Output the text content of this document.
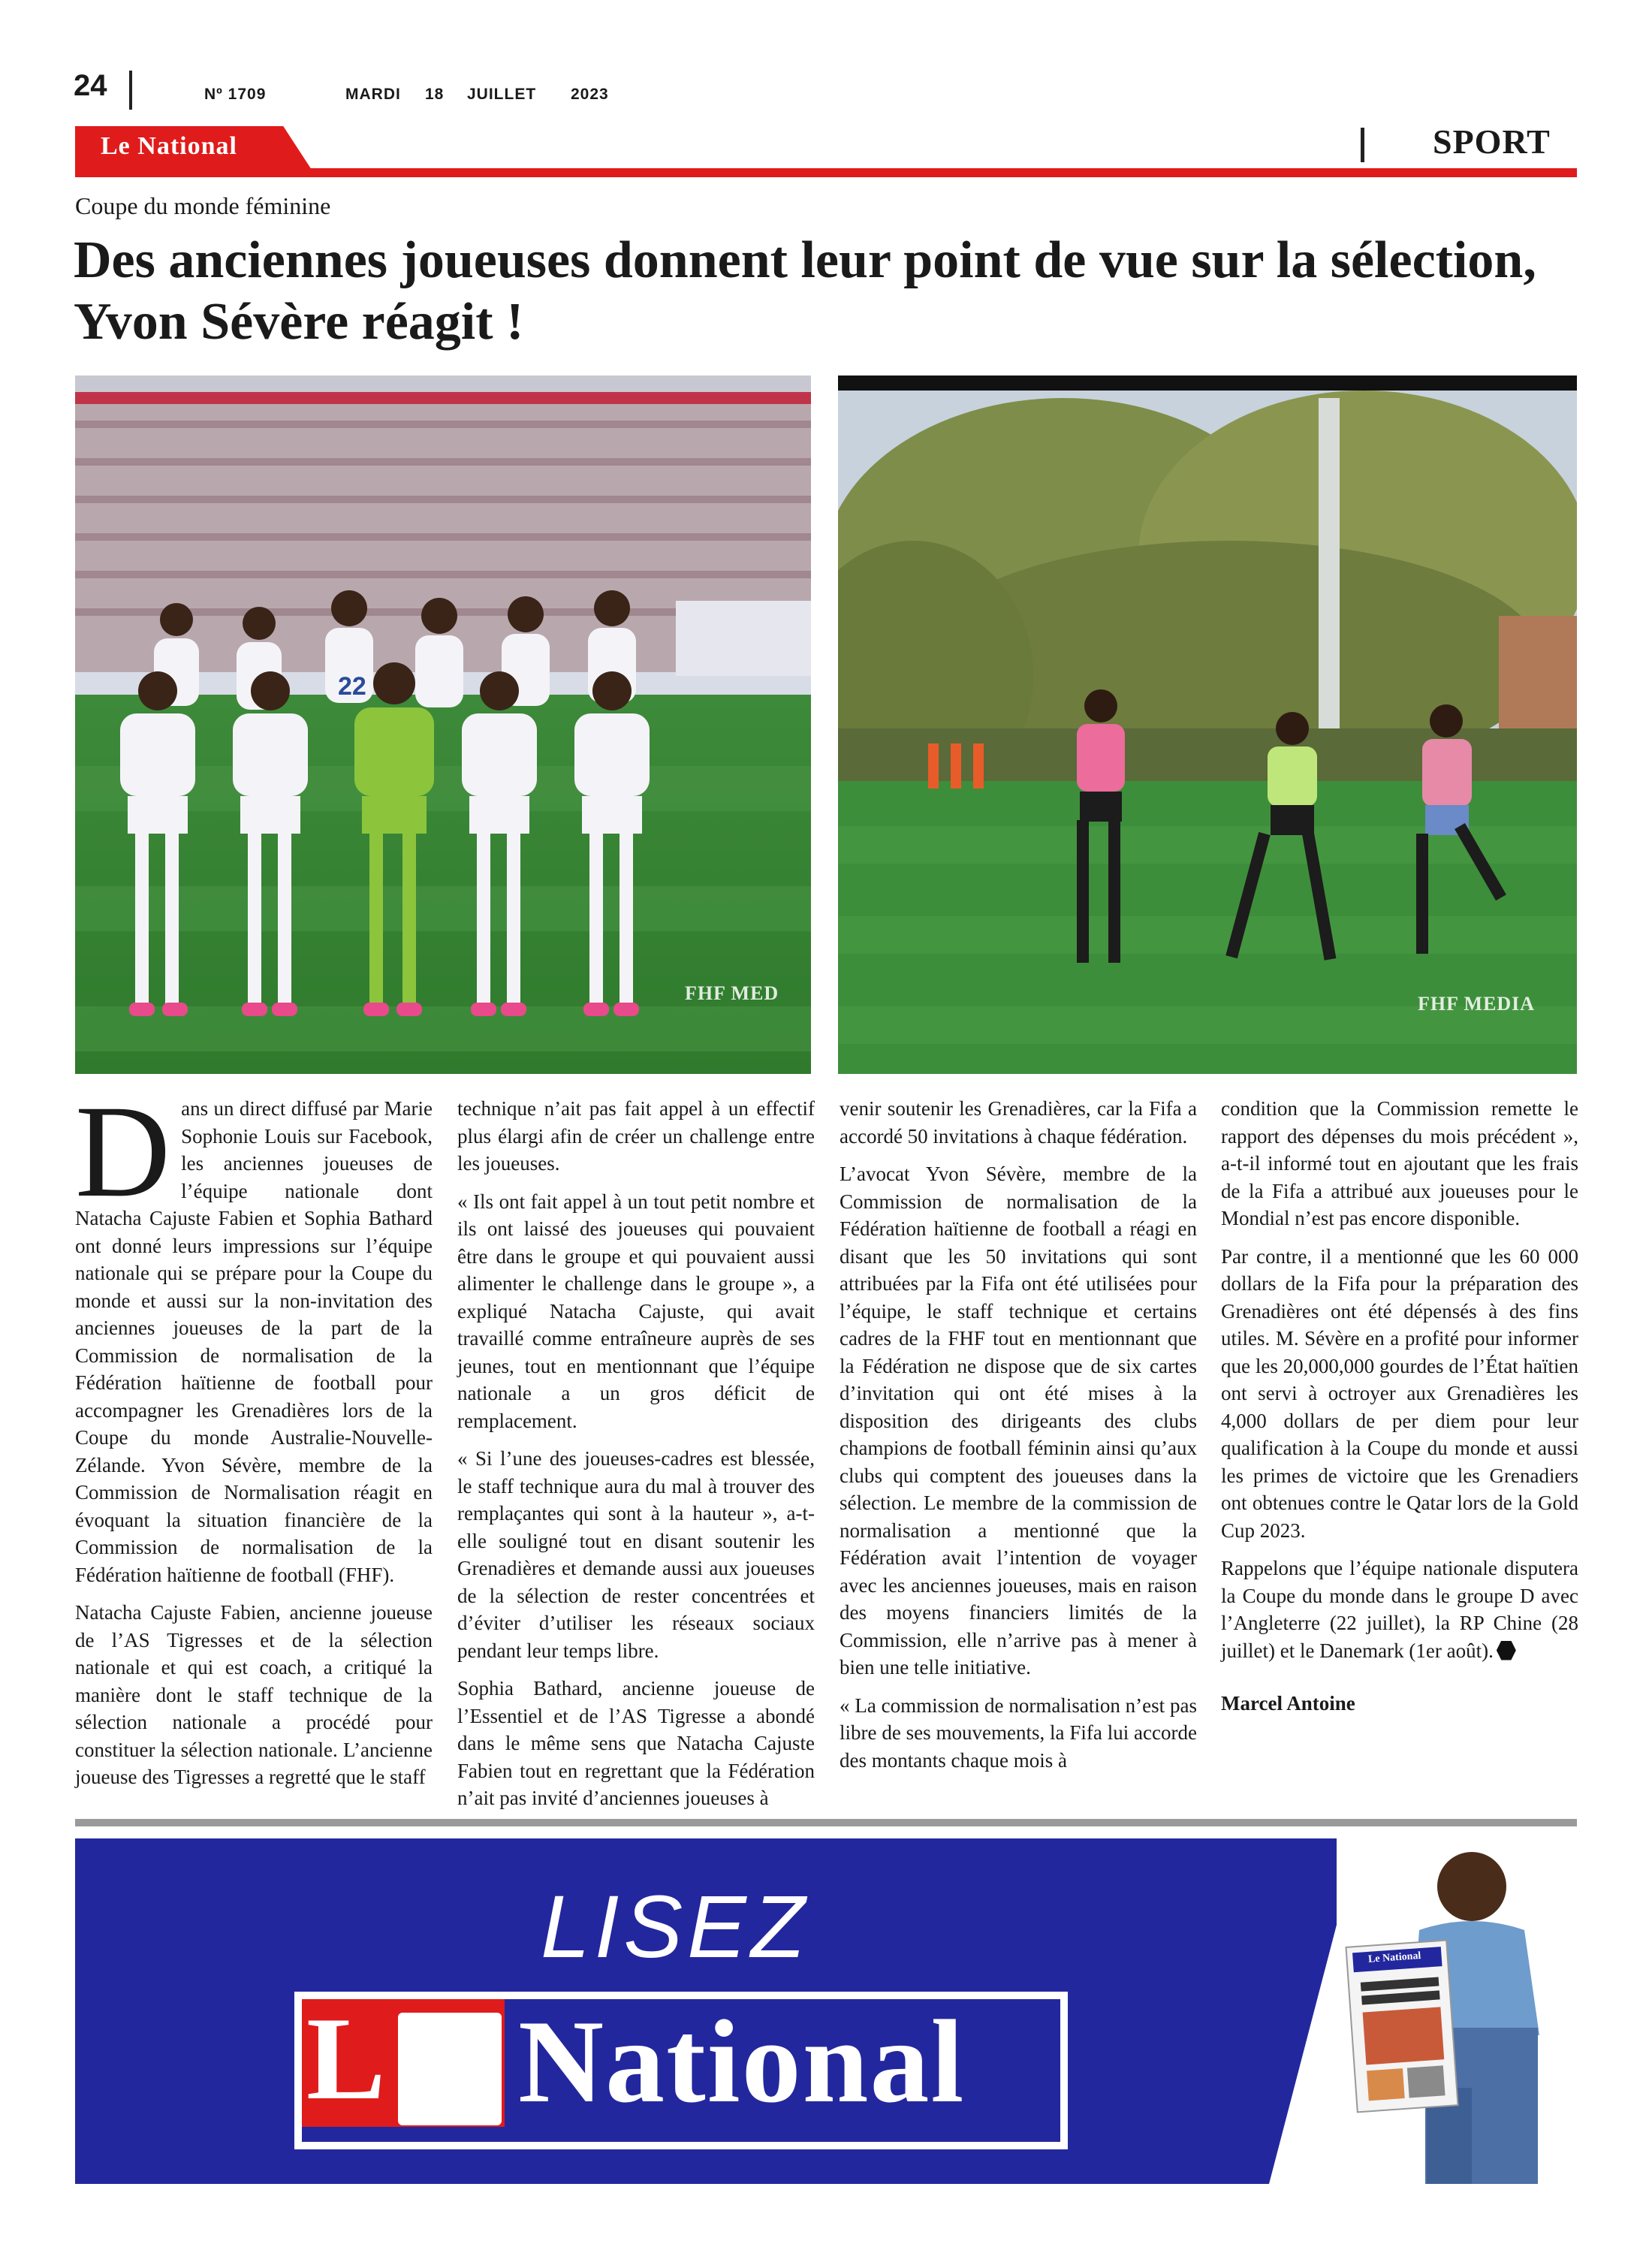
24	Nº 1709	MARDI 18 JUILLET 2023
Le National	SPORT
Coupe du monde féminine
Des anciennes joueuses donnent leur point de vue sur la sélection, Yvon Sévère réagit !
22
FHF MED	FHF MEDIA

Dans un direct diffusé par Marie Sophonie Louis sur Facebook, les anciennes joueuses de l’équipe nationale dont Natacha Cajuste Fabien et Sophia Bathard ont donné leurs impressions sur l’équipe nationale qui se prépare pour la Coupe du monde et aussi sur la non-invitation des anciennes joueuses de la part de la Commission de normalisation de la Fédération haïtienne de football pour accompagner les Grenadières lors de la Coupe du monde Australie-Nouvelle-Zélande. Yvon Sévère, membre de la Commission de Normalisation réagit en évoquant la situation financière de la Commission de normalisation de la Fédération haïtienne de football (FHF).

Natacha Cajuste Fabien, ancienne joueuse de l’AS Tigresses et de la sélection nationale et qui est coach, a critiqué la manière dont le staff technique de la sélection nationale a procédé pour constituer la sélection nationale. L’ancienne joueuse des Tigresses a regretté que le staff

technique n’ait pas fait appel à un effectif plus élargi afin de créer un challenge entre les joueuses.

« Ils ont fait appel à un tout petit nombre et ils ont laissé des joueuses qui pouvaient être dans le groupe et qui pouvaient aussi alimenter le challenge dans le groupe », a expliqué Natacha Cajuste, qui avait travaillé comme entraîneure auprès de ses jeunes, tout en mentionnant que l’équipe nationale a un gros déficit de remplacement.

« Si l’une des joueuses-cadres est blessée, le staff technique aura du mal à trouver des remplaçantes qui sont à la hauteur », a-t-elle souligné tout en disant soutenir les Grenadières et demande aussi aux joueuses de la sélection de rester concentrées et d’éviter d’utiliser les réseaux sociaux pendant leur temps libre.

Sophia Bathard, ancienne joueuse de l’Essentiel et de l’AS Tigresse a abondé dans le même sens que Natacha Cajuste Fabien tout en regrettant que la Fédération n’ait pas invité d’anciennes joueuses à

venir soutenir les Grenadières, car la Fifa a accordé 50 invitations à chaque fédération.

L’avocat Yvon Sévère, membre de la Commission de normalisation de la Fédération haïtienne de football a réagi en disant que les 50 invitations qui sont attribuées par la Fifa ont été utilisées pour l’équipe, le staff technique et certains cadres de la FHF tout en mentionnant que la Fédération ne dispose que de six cartes d’invitation qui ont été mises à la disposition des dirigeants des clubs champions de football féminin ainsi qu’aux clubs qui comptent des joueuses dans la sélection. Le membre de la commission de normalisation a mentionné que la Fédération avait l’intention de voyager avec les anciennes joueuses, mais en raison des moyens financiers limités de la Commission, elle n’arrive pas à mener à bien une telle initiative.

« La commission de normalisation n’est pas libre de ses mouvements, la Fifa lui accorde des montants chaque mois à

condition que la Commission remette le rapport des dépenses du mois précédent », a-t-il informé tout en ajoutant que les frais de la Fifa a attribué aux joueuses pour le Mondial n’est pas encore disponible.

Par contre, il a mentionné que les 60 000 dollars de la Fifa pour la préparation des Grenadières ont été dépensés à des fins utiles. M. Sévère en a profité pour informer que les 20,000,000 gourdes de l’État haïtien ont servi à octroyer aux Grenadières les 4,000 dollars de per diem pour leur qualification à la Coupe du monde et aussi les primes de victoire que les Grenadiers ont obtenues contre le Qatar lors de la Gold Cup 2023.

Rappelons que l’équipe nationale disputera la Coupe du monde dans le groupe D avec l’Angleterre (22 juillet), la RP Chine (28 juillet) et le Danemark (1er août).

Marcel Antoine

LISEZ
Le National
Le National
